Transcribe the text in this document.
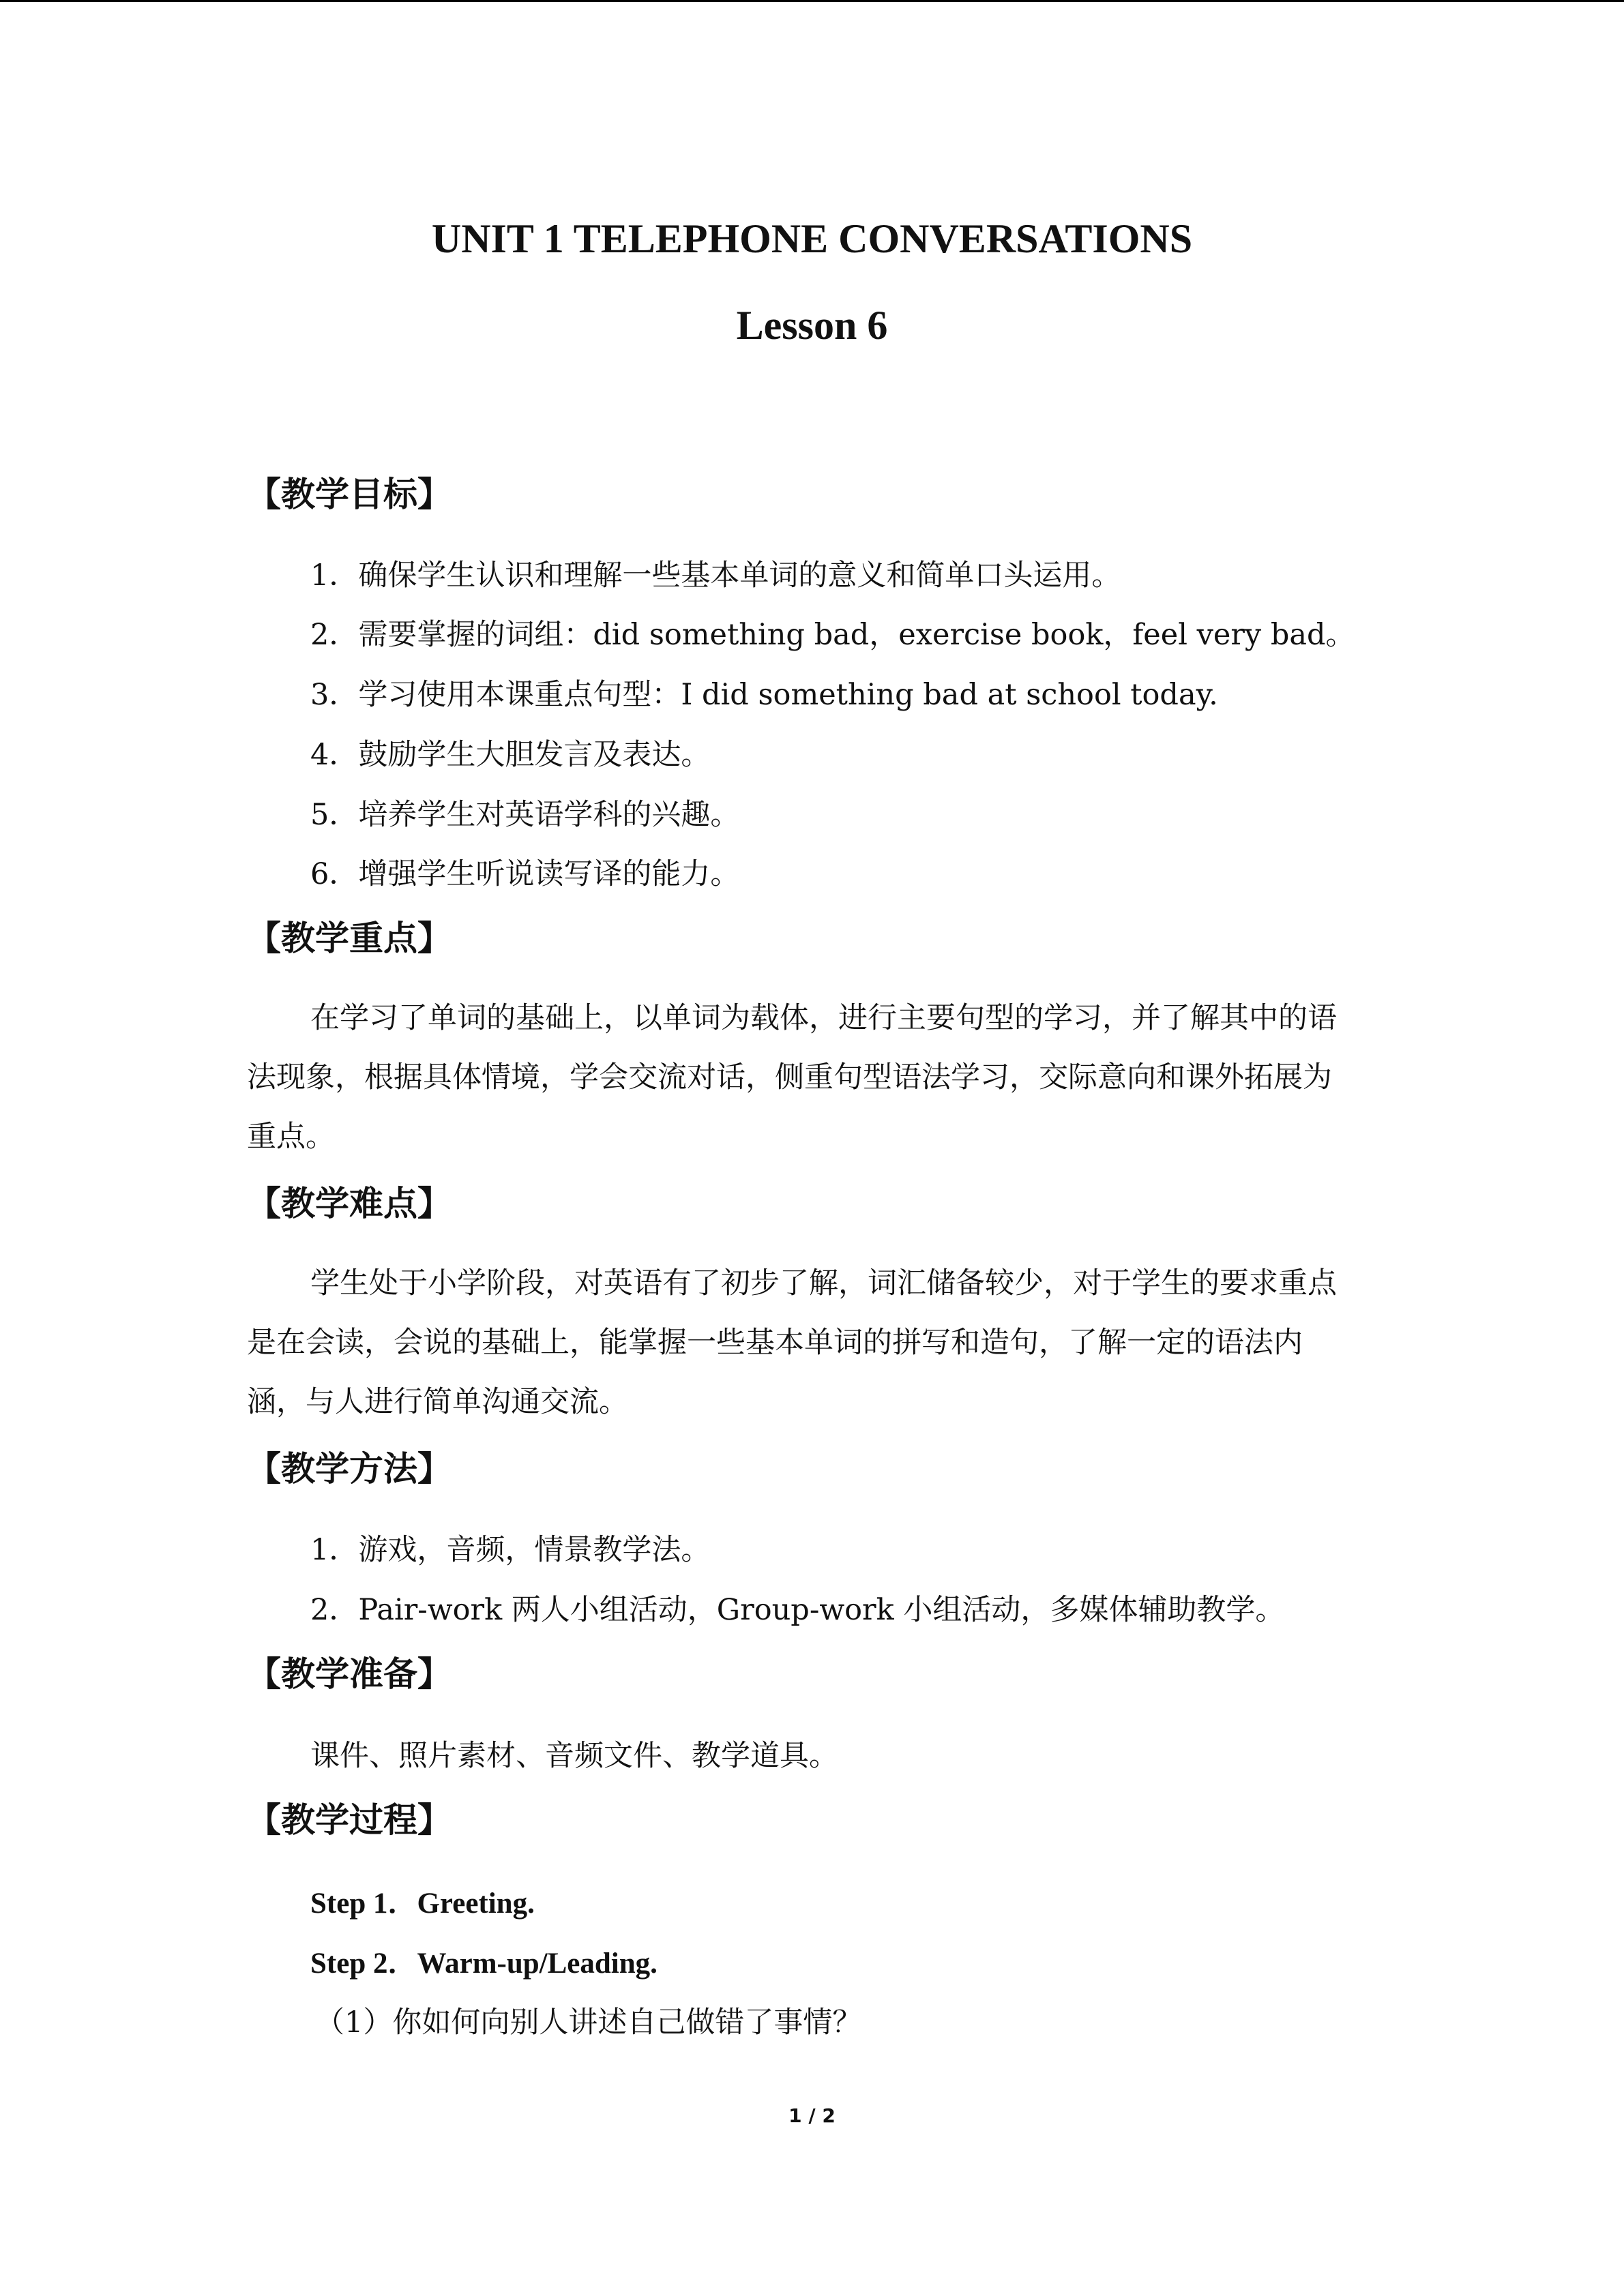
UNIT 1 TELEPHONE CONVERSATIONS
Lesson 6
【教学目标】
1．确保学生认识和理解一些基本单词的意义和简单口头运用。
2．需要掌握的词组：did something bad，exercise book，feel very bad。
3．学习使用本课重点句型：I did something bad at school today.
4．鼓励学生大胆发言及表达。
5．培养学生对英语学科的兴趣。
6．增强学生听说读写译的能力。
【教学重点】
在学习了单词的基础上，以单词为载体，进行主要句型的学习，并了解其中的语法现象，根据具体情境，学会交流对话，侧重句型语法学习，交际意向和课外拓展为重点。
【教学难点】
学生处于小学阶段，对英语有了初步了解，词汇储备较少，对于学生的要求重点是在会读，会说的基础上，能掌握一些基本单词的拼写和造句，了解一定的语法内涵，与人进行简单沟通交流。
【教学方法】
1．游戏，音频，情景教学法。
2．Pair-work 两人小组活动，Group-work 小组活动，多媒体辅助教学。
【教学准备】
课件、照片素材、音频文件、教学道具。
【教学过程】
Step 1．Greeting.
Step 2．Warm-up/Leading.
（1）你如何向别人讲述自己做错了事情？
1 / 2
